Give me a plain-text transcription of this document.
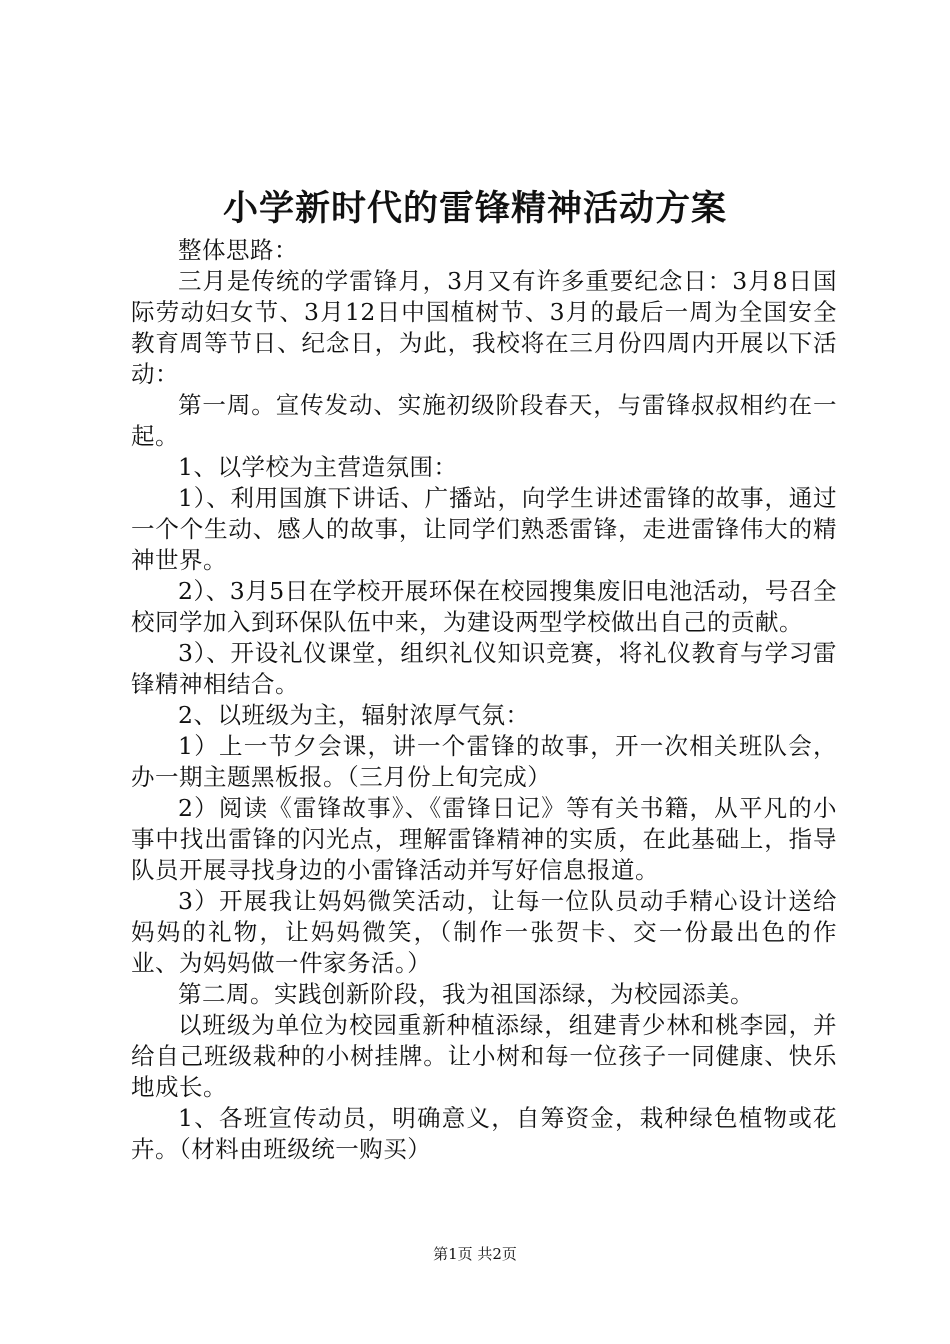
小学新时代的雷锋精神活动方案

整体思路：

三月是传统的学雷锋月，3月又有许多重要纪念日：3月8日国际劳动妇女节、3月12日中国植树节、3月的最后一周为全国安全教育周等节日、纪念日，为此，我校将在三月份四周内开展以下活动：

第一周。宣传发动、实施初级阶段春天，与雷锋叔叔相约在一起。

1、以学校为主营造氛围：

1）、利用国旗下讲话、广播站，向学生讲述雷锋的故事，通过一个个生动、感人的故事，让同学们熟悉雷锋，走进雷锋伟大的精神世界。

2）、3月5日在学校开展环保在校园搜集废旧电池活动，号召全校同学加入到环保队伍中来，为建设两型学校做出自己的贡献。

3）、开设礼仪课堂，组织礼仪知识竞赛，将礼仪教育与学习雷锋精神相结合。

2、以班级为主，辐射浓厚气氛：

1）上一节夕会课，讲一个雷锋的故事，开一次相关班队会，办一期主题黑板报。（三月份上旬完成）

2）阅读《雷锋故事》、《雷锋日记》等有关书籍，从平凡的小事中找出雷锋的闪光点，理解雷锋精神的实质，在此基础上，指导队员开展寻找身边的小雷锋活动并写好信息报道。

3）开展我让妈妈微笑活动，让每一位队员动手精心设计送给妈妈的礼物，让妈妈微笑，（制作一张贺卡、交一份最出色的作业、为妈妈做一件家务活。）

第二周。实践创新阶段，我为祖国添绿，为校园添美。

以班级为单位为校园重新种植添绿，组建青少林和桃李园，并给自己班级栽种的小树挂牌。让小树和每一位孩子一同健康、快乐地成长。

1、各班宣传动员，明确意义，自筹资金，栽种绿色植物或花卉。（材料由班级统一购买）

第1页 共2页
